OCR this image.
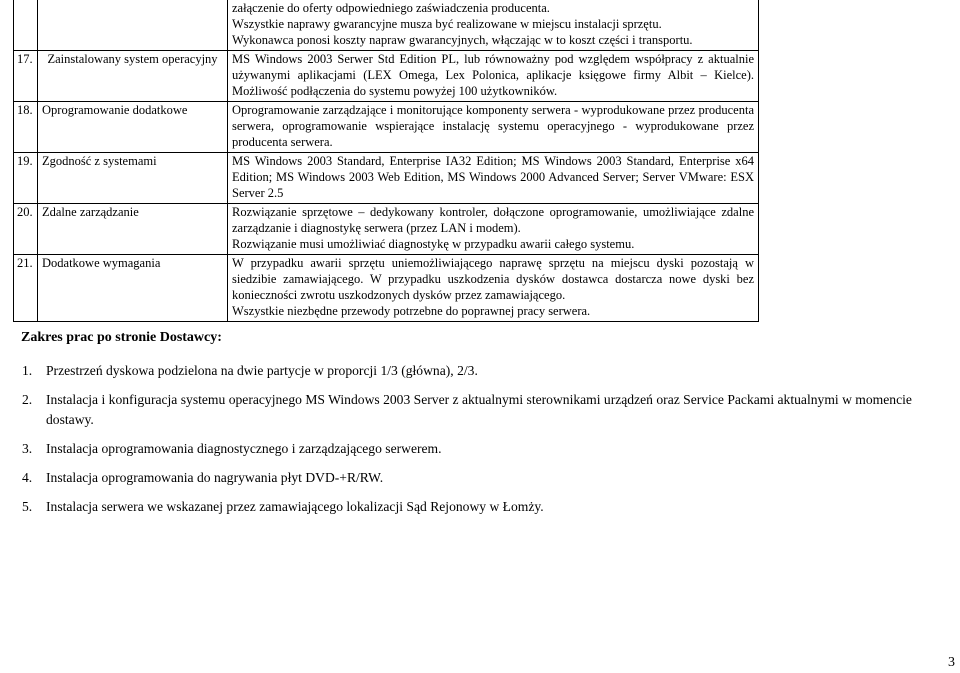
		załączenie do oferty odpowiedniego zaświadczenia producenta.
Wszystkie naprawy gwarancyjne musza być realizowane w miejscu instalacji sprzętu.
Wykonawca ponosi koszty napraw gwarancyjnych, włączając w to koszt części i transportu.

17.	Zainstalowany system operacyjny	MS Windows 2003 Serwer Std Edition PL, lub równoważny pod względem współpracy z aktualnie używanymi aplikacjami (LEX Omega, Lex Polonica, aplikacje księgowe firmy Albit – Kielce). Możliwość podłączenia do systemu powyżej 100 użytkowników.

18.	Oprogramowanie dodatkowe	Oprogramowanie zarządzające i monitorujące komponenty serwera - wyprodukowane przez producenta serwera, oprogramowanie wspierające instalację systemu operacyjnego - wyprodukowane przez producenta serwera.

19.	Zgodność z systemami	MS Windows 2003 Standard, Enterprise IA32 Edition; MS Windows 2003 Standard, Enterprise x64 Edition; MS Windows 2003 Web Edition, MS Windows 2000 Advanced Server; Server VMware: ESX Server 2.5

20.	Zdalne zarządzanie	Rozwiązanie sprzętowe – dedykowany kontroler, dołączone oprogramowanie, umożliwiające zdalne zarządzanie i diagnostykę serwera (przez LAN i modem).
Rozwiązanie musi umożliwiać diagnostykę w przypadku awarii całego systemu.

21.	Dodatkowe wymagania	W przypadku awarii sprzętu uniemożliwiającego naprawę sprzętu na miejscu dyski pozostają w siedzibie zamawiającego. W przypadku uszkodzenia dysków dostawca dostarcza nowe dyski bez konieczności zwrotu uszkodzonych dysków przez zamawiającego.
Wszystkie niezbędne przewody potrzebne do poprawnej pracy serwera.
Zakres prac po stronie Dostawcy:
1.	Przestrzeń dyskowa podzielona na dwie partycje w proporcji 1/3 (główna), 2/3.
2.	Instalacja i konfiguracja systemu operacyjnego MS Windows 2003 Server z aktualnymi sterownikami urządzeń oraz Service Packami aktualnymi w momencie dostawy.
3.	Instalacja oprogramowania diagnostycznego i zarządzającego serwerem.
4.	Instalacja oprogramowania do nagrywania płyt DVD-+R/RW.
5.	Instalacja serwera we wskazanej przez zamawiającego lokalizacji Sąd Rejonowy w Łomży.
3
